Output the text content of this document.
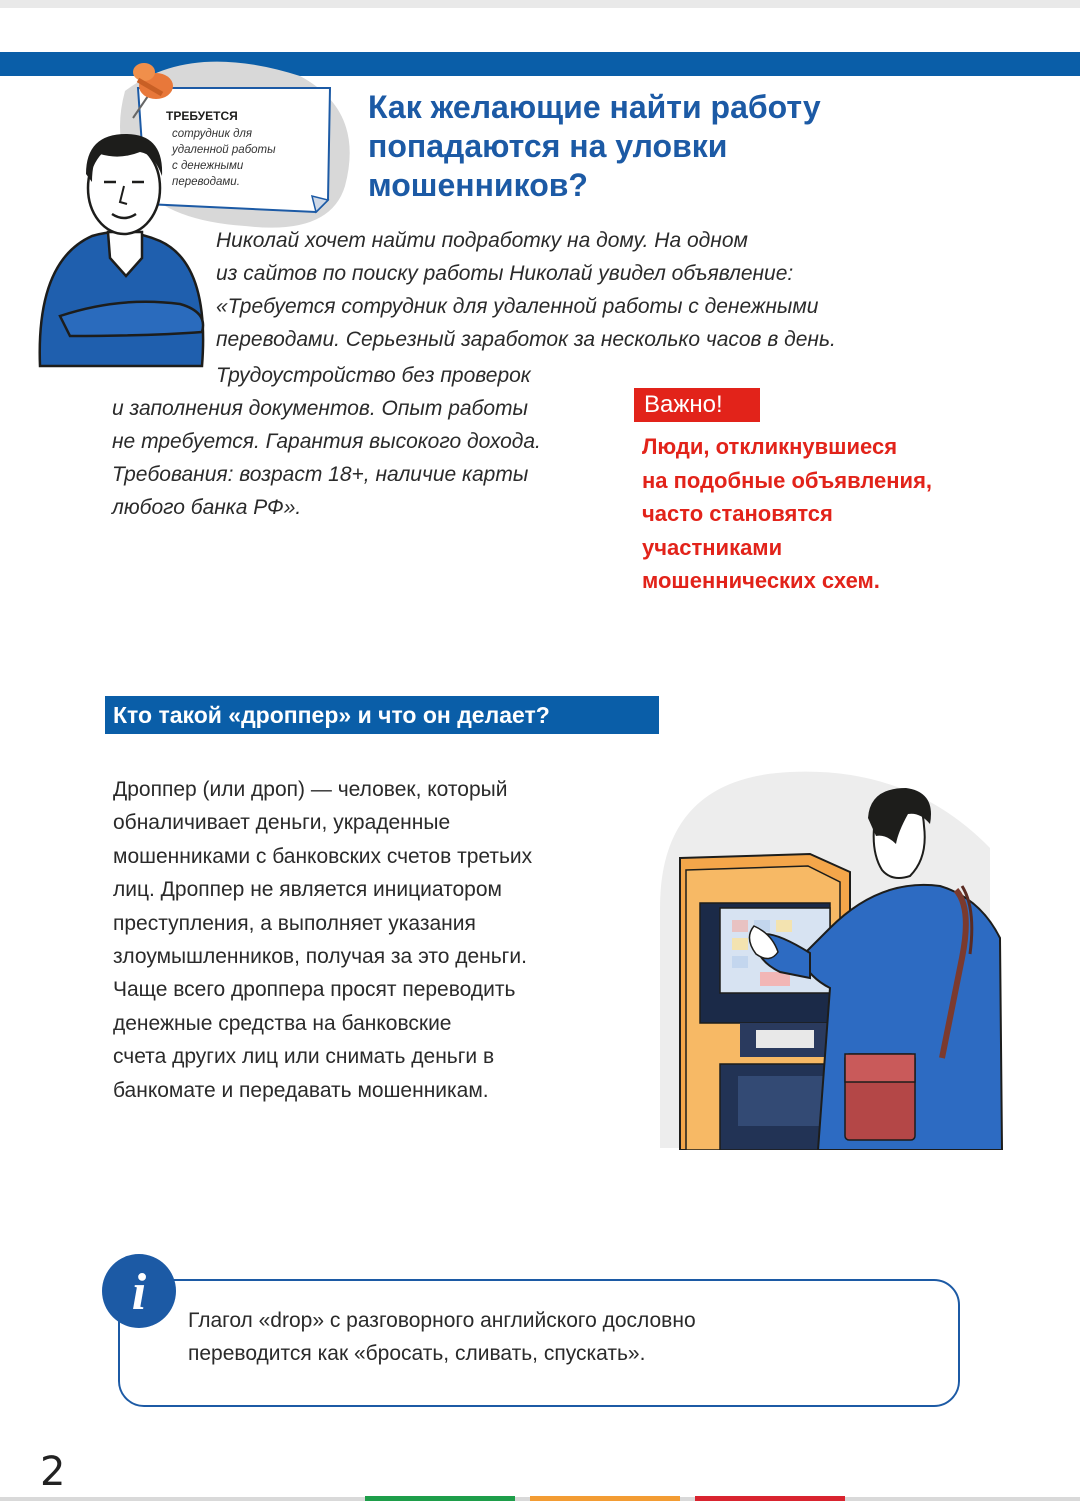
ТРЕБУЕТСЯ
сотрудник для
удаленной работы
с денежными
переводами.
Как желающие найти работу
попадаются на уловки
мошенников?

Николай хочет найти подработку на дому. На одном
из сайтов по поиску работы Николай увидел объявление:
«Требуется сотрудник для удаленной работы с денежными
переводами. Серьезный заработок за несколько часов в день.

Трудоустройство без проверок
и заполнения документов. Опыт работы
не требуется. Гарантия высокого дохода.
Требования: возраст 18+, наличие карты
любого банка РФ».

Важно!

Люди, откликнувшиеся
на подобные объявления,
часто становятся
участниками
мошеннических схем.

Кто такой «дроппер» и что он делает?

Дроппер (или дроп) — человек, который
обналичивает деньги, украденные
мошенниками с банковских счетов третьих
лиц. Дроппер не является инициатором
преступления, а выполняет указания
злоумышленников, получая за это деньги.
Чаще всего дроппера просят переводить
денежные средства на банковские
счета других лиц или снимать деньги в
банкомате и передавать мошенникам.

i Глагол «drop» с разговорного английского дословно
переводится как «бросать, сливать, спускать».

2
